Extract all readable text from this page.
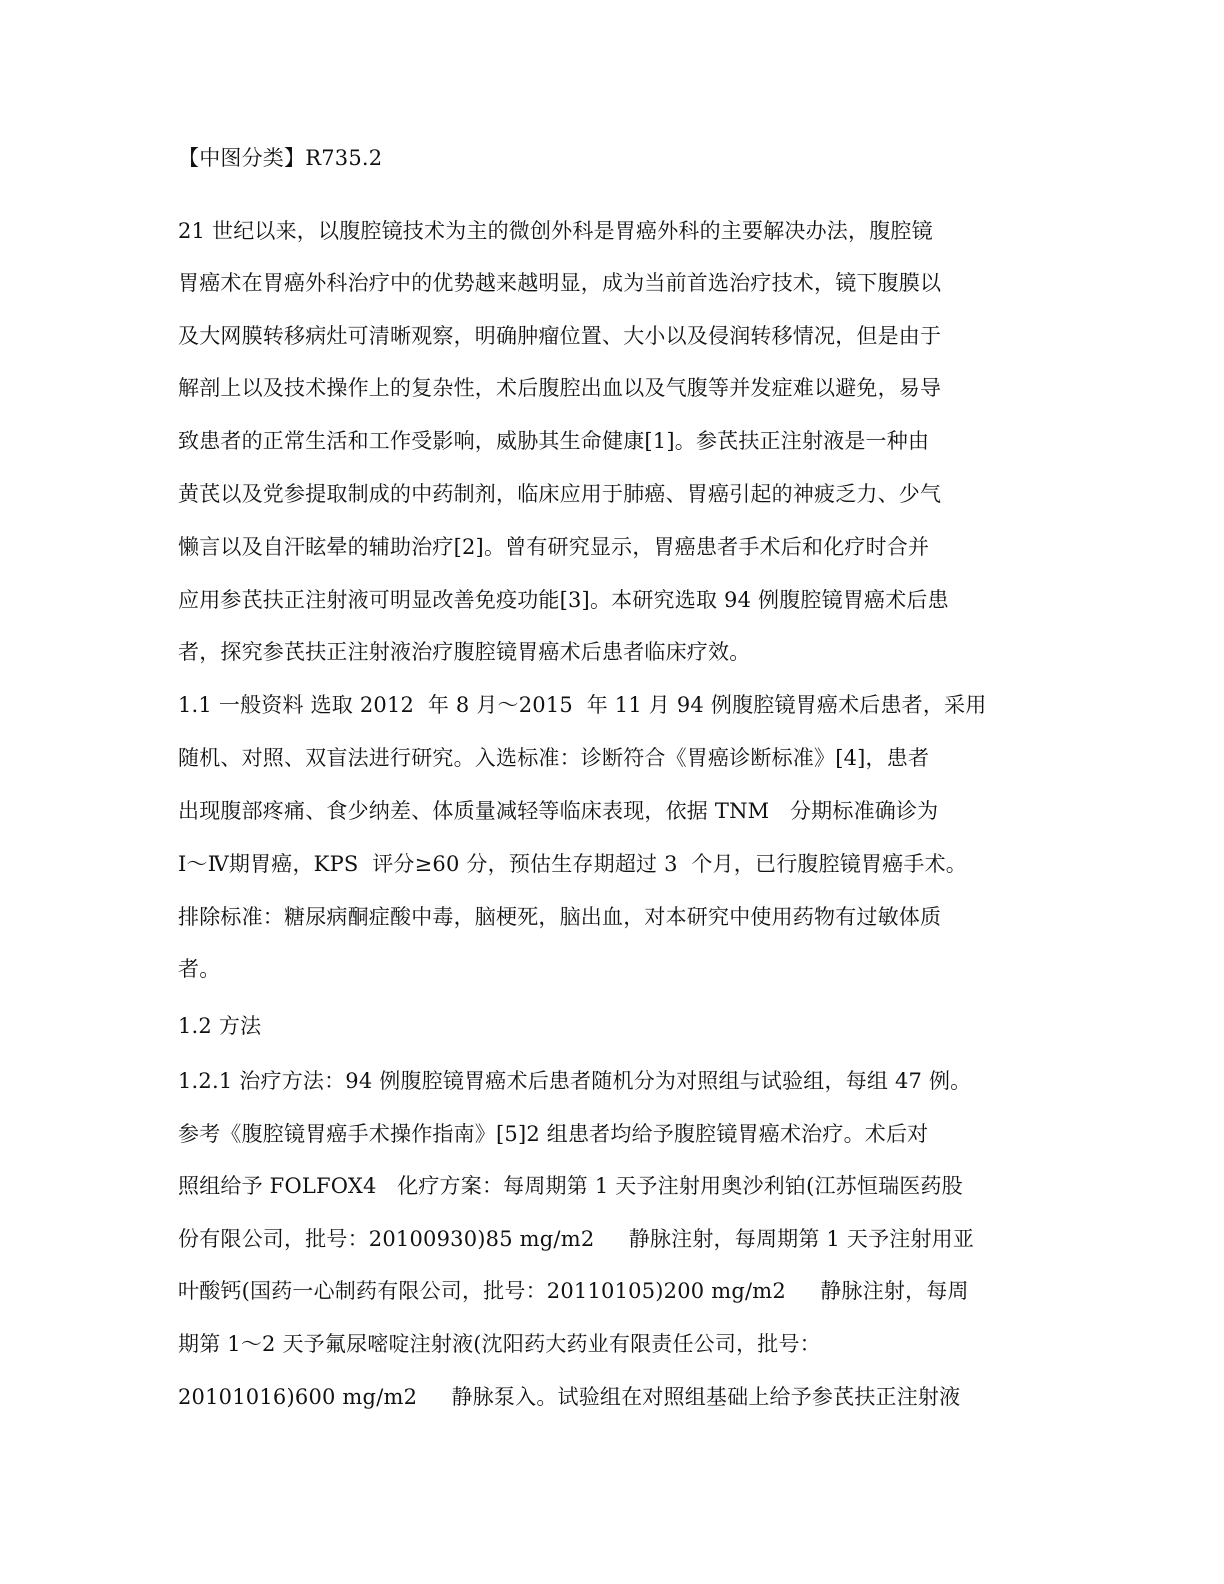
【中图分类】R735.2
21 世纪以来，以腹腔镜技术为主的微创外科是胃癌外科的主要解决办法，腹腔镜
胃癌术在胃癌外科治疗中的优势越来越明显，成为当前首选治疗技术，镜下腹膜以
及大网膜转移病灶可清晰观察，明确肿瘤位置、大小以及侵润转移情况，但是由于
解剖上以及技术操作上的复杂性，术后腹腔出血以及气腹等并发症难以避免，易导
致患者的正常生活和工作受影响，威胁其生命健康[1]。参芪扶正注射液是一种由
黄芪以及党参提取制成的中药制剂，临床应用于肺癌、胃癌引起的神疲乏力、少气
懒言以及自汗眩晕的辅助治疗[2]。曾有研究显示，胃癌患者手术后和化疗时合并
应用参芪扶正注射液可明显改善免疫功能[3]。本研究选取 94 例腹腔镜胃癌术后患
者，探究参芪扶正注射液治疗腹腔镜胃癌术后患者临床疗效。
1.1 一般资料 选取 2012  年 8 月～2015  年 11 月 94 例腹腔镜胃癌术后患者，采用
随机、对照、双盲法进行研究。入选标准：诊断符合《胃癌诊断标准》[4]，患者
出现腹部疼痛、食少纳差、体质量减轻等临床表现，依据 TNM   分期标准确诊为
Ⅰ～Ⅳ期胃癌，KPS  评分≥60 分，预估生存期超过 3  个月，已行腹腔镜胃癌手术。
排除标准：糖尿病酮症酸中毒，脑梗死，脑出血，对本研究中使用药物有过敏体质
者。
1.2 方法
1.2.1 治疗方法：94 例腹腔镜胃癌术后患者随机分为对照组与试验组，每组 47 例。
参考《腹腔镜胃癌手术操作指南》[5]2 组患者均给予腹腔镜胃癌术治疗。术后对
照组给予 FOLFOX4   化疗方案：每周期第 1 天予注射用奥沙利铂(江苏恒瑞医药股
份有限公司，批号：20100930)85 mg/m2     静脉注射，每周期第 1 天予注射用亚
叶酸钙(国药一心制药有限公司，批号：20110105)200 mg/m2     静脉注射，每周
期第 1～2 天予氟尿嘧啶注射液(沈阳药大药业有限责任公司，批号：
20101016)600 mg/m2     静脉泵入。试验组在对照组基础上给予参芪扶正注射液
